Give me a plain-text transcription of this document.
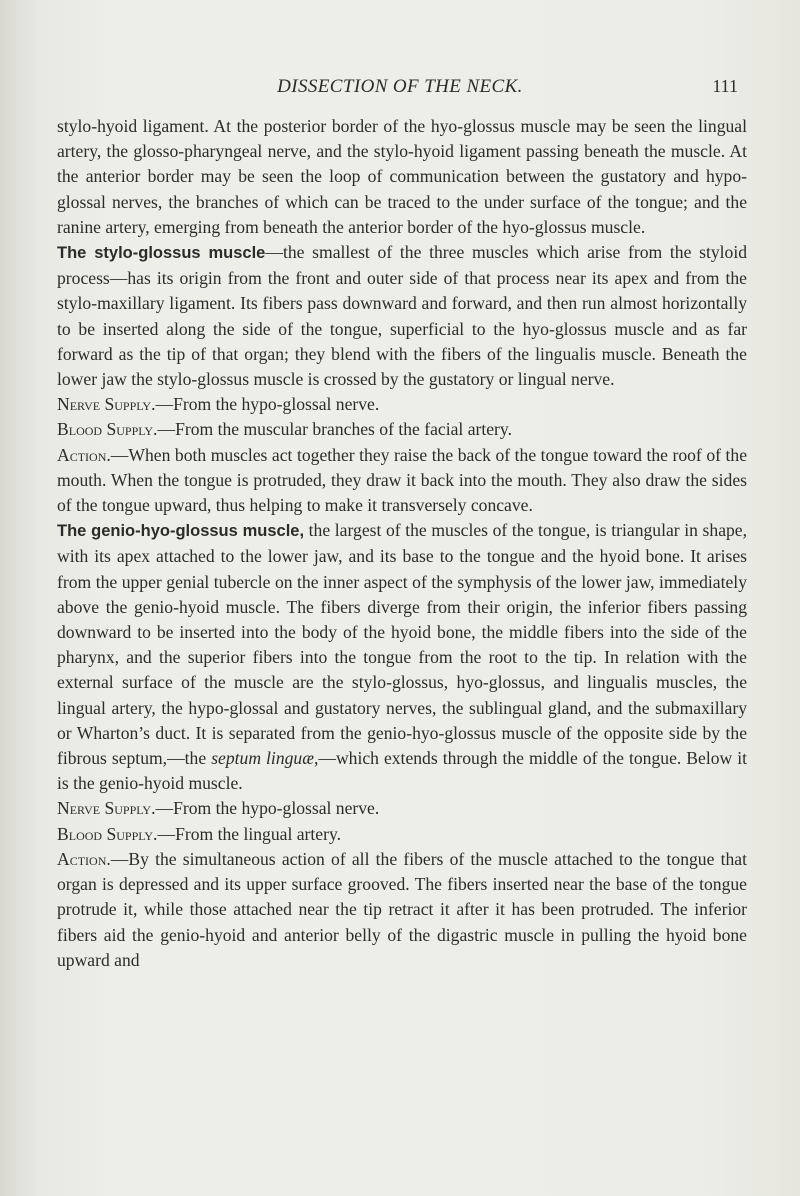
DISSECTION OF THE NECK.	111

stylo-hyoid ligament. At the posterior border of the hyo-glossus muscle may be seen the lingual artery, the glosso-pharyngeal nerve, and the stylo-hyoid ligament passing beneath the muscle. At the anterior border may be seen the loop of communication between the gustatory and hypo-glossal nerves, the branches of which can be traced to the under surface of the tongue; and the ranine artery, emerging from beneath the anterior border of the hyo-glossus muscle.

The stylo-glossus muscle—the smallest of the three muscles which arise from the styloid process—has its origin from the front and outer side of that process near its apex and from the stylo-maxillary ligament. Its fibers pass downward and forward, and then run almost horizontally to be inserted along the side of the tongue, superficial to the hyo-glossus muscle and as far forward as the tip of that organ; they blend with the fibers of the lingualis muscle. Beneath the lower jaw the stylo-glossus muscle is crossed by the gustatory or lingual nerve.

Nerve Supply.—From the hypo-glossal nerve.

Blood Supply.—From the muscular branches of the facial artery.

Action.—When both muscles act together they raise the back of the tongue toward the roof of the mouth. When the tongue is protruded, they draw it back into the mouth. They also draw the sides of the tongue upward, thus helping to make it transversely concave.

The genio-hyo-glossus muscle, the largest of the muscles of the tongue, is triangular in shape, with its apex attached to the lower jaw, and its base to the tongue and the hyoid bone. It arises from the upper genial tubercle on the inner aspect of the symphysis of the lower jaw, immediately above the genio-hyoid muscle. The fibers diverge from their origin, the inferior fibers passing downward to be inserted into the body of the hyoid bone, the middle fibers into the side of the pharynx, and the superior fibers into the tongue from the root to the tip. In relation with the external surface of the muscle are the stylo-glossus, hyo-glossus, and lingualis muscles, the lingual artery, the hypo-glossal and gustatory nerves, the sublingual gland, and the submaxillary or Wharton’s duct. It is separated from the genio-hyo-glossus muscle of the opposite side by the fibrous septum,—the septum linguæ,—which extends through the middle of the tongue. Below it is the genio-hyoid muscle.

Nerve Supply.—From the hypo-glossal nerve.

Blood Supply.—From the lingual artery.

Action.—By the simultaneous action of all the fibers of the muscle attached to the tongue that organ is depressed and its upper surface grooved. The fibers inserted near the base of the tongue protrude it, while those attached near the tip retract it after it has been protruded. The inferior fibers aid the genio-hyoid and anterior belly of the digastric muscle in pulling the hyoid bone upward and
